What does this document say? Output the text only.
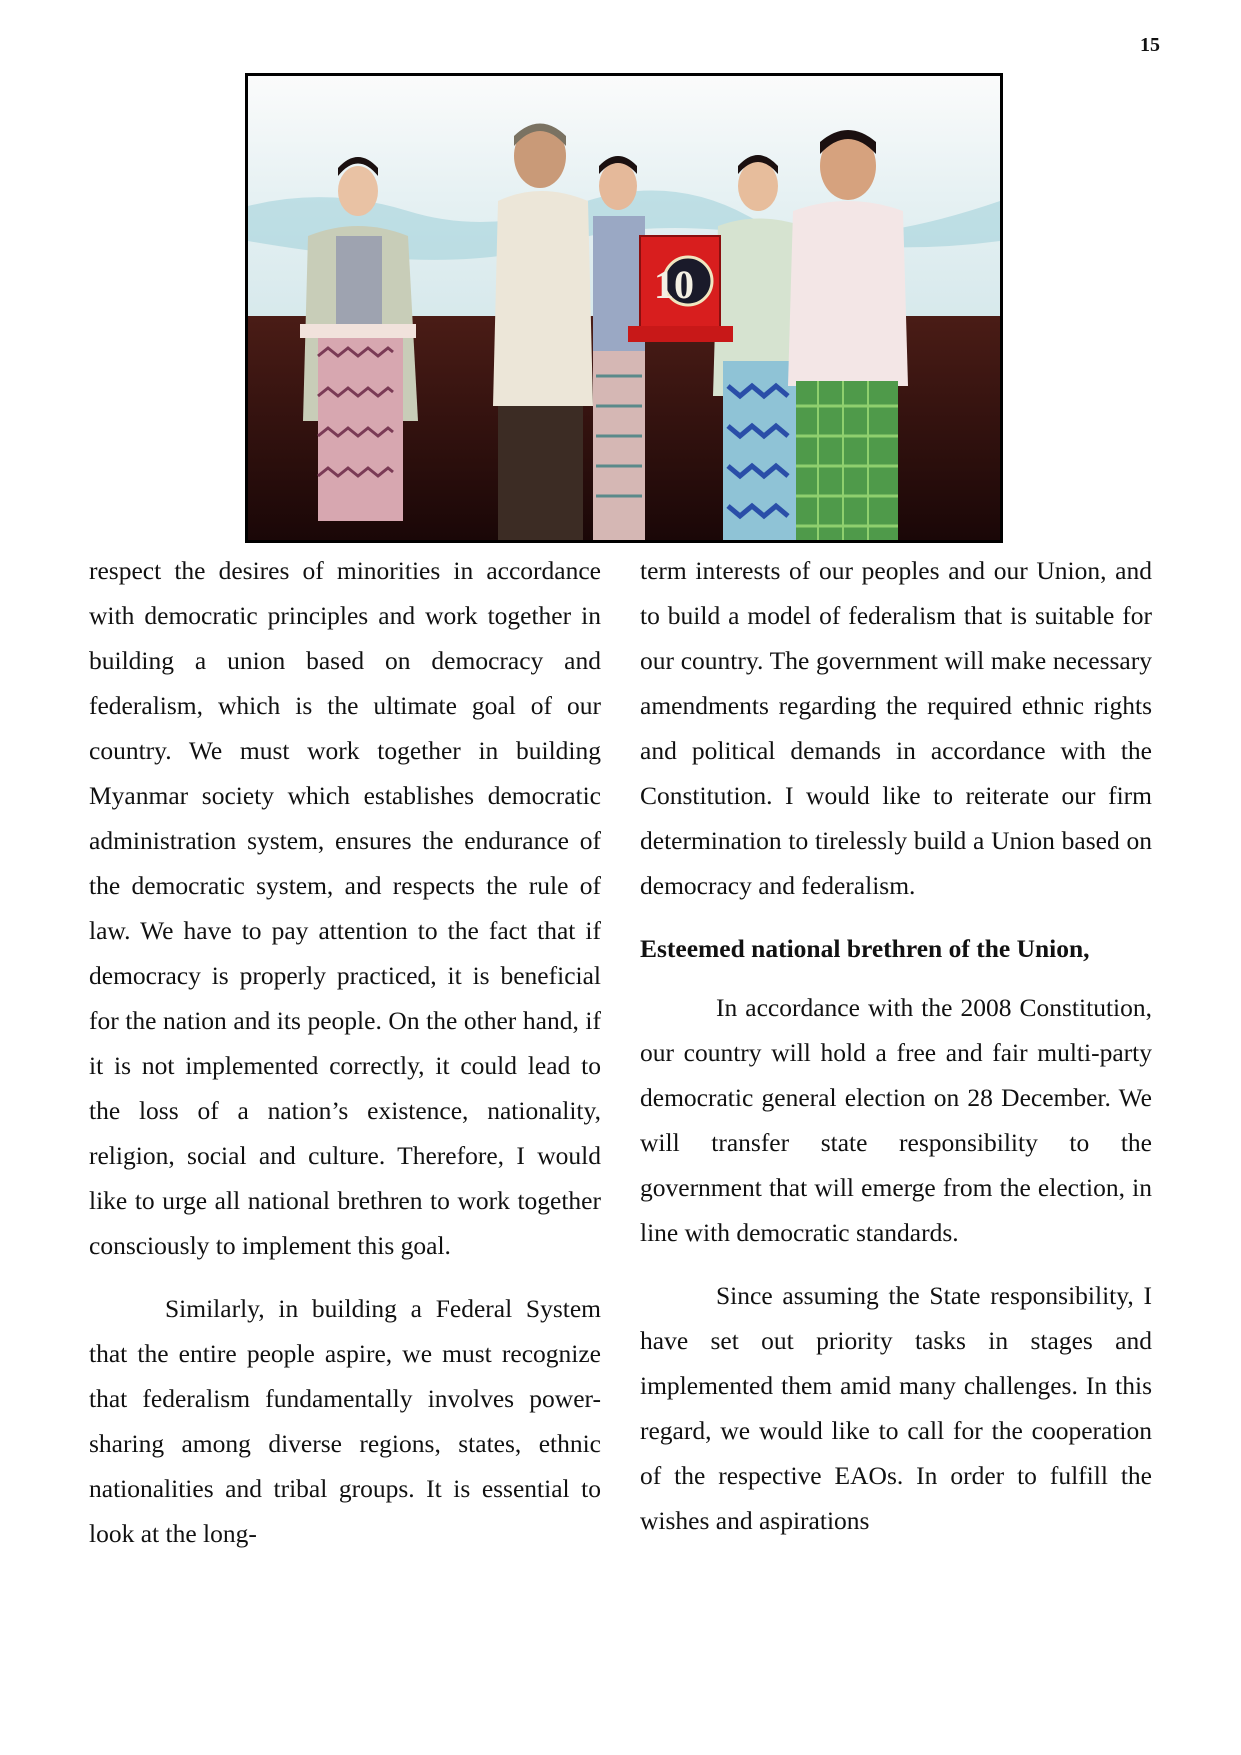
15
10

respect the desires of minorities in accordance with democratic principles and work together in building a union based on democracy and federalism, which is the ultimate goal of our country. We must work together in building Myanmar society which establishes democratic administration system, ensures the endurance of the democratic system, and respects the rule of law. We have to pay attention to the fact that if democracy is properly practiced, it is beneficial for the nation and its people. On the other hand, if it is not implemented correctly, it could lead to the loss of a nation’s existence, nationality, religion, social and culture. Therefore, I would like to urge all national brethren to work together consciously to implement this goal.

Similarly, in building a Federal System that the entire people aspire, we must recognize that federalism fundamentally involves power-sharing among diverse regions, states, ethnic nationalities and tribal groups. It is essential to look at the long-

term interests of our peoples and our Union, and to build a model of federalism that is suitable for our country. The government will make necessary amendments regarding the required ethnic rights and political demands in accordance with the Constitution. I would like to reiterate our firm determination to tirelessly build a Union based on democracy and federalism.

Esteemed national brethren of the Union,

In accordance with the 2008 Constitution, our country will hold a free and fair multi-party democratic general election on 28 December. We will transfer state responsibility to the government that will emerge from the election, in line with democratic standards.

Since assuming the State responsibility, I have set out priority tasks in stages and implemented them amid many challenges. In this regard, we would like to call for the cooperation of the respective EAOs. In order to fulfill the wishes and aspirations
